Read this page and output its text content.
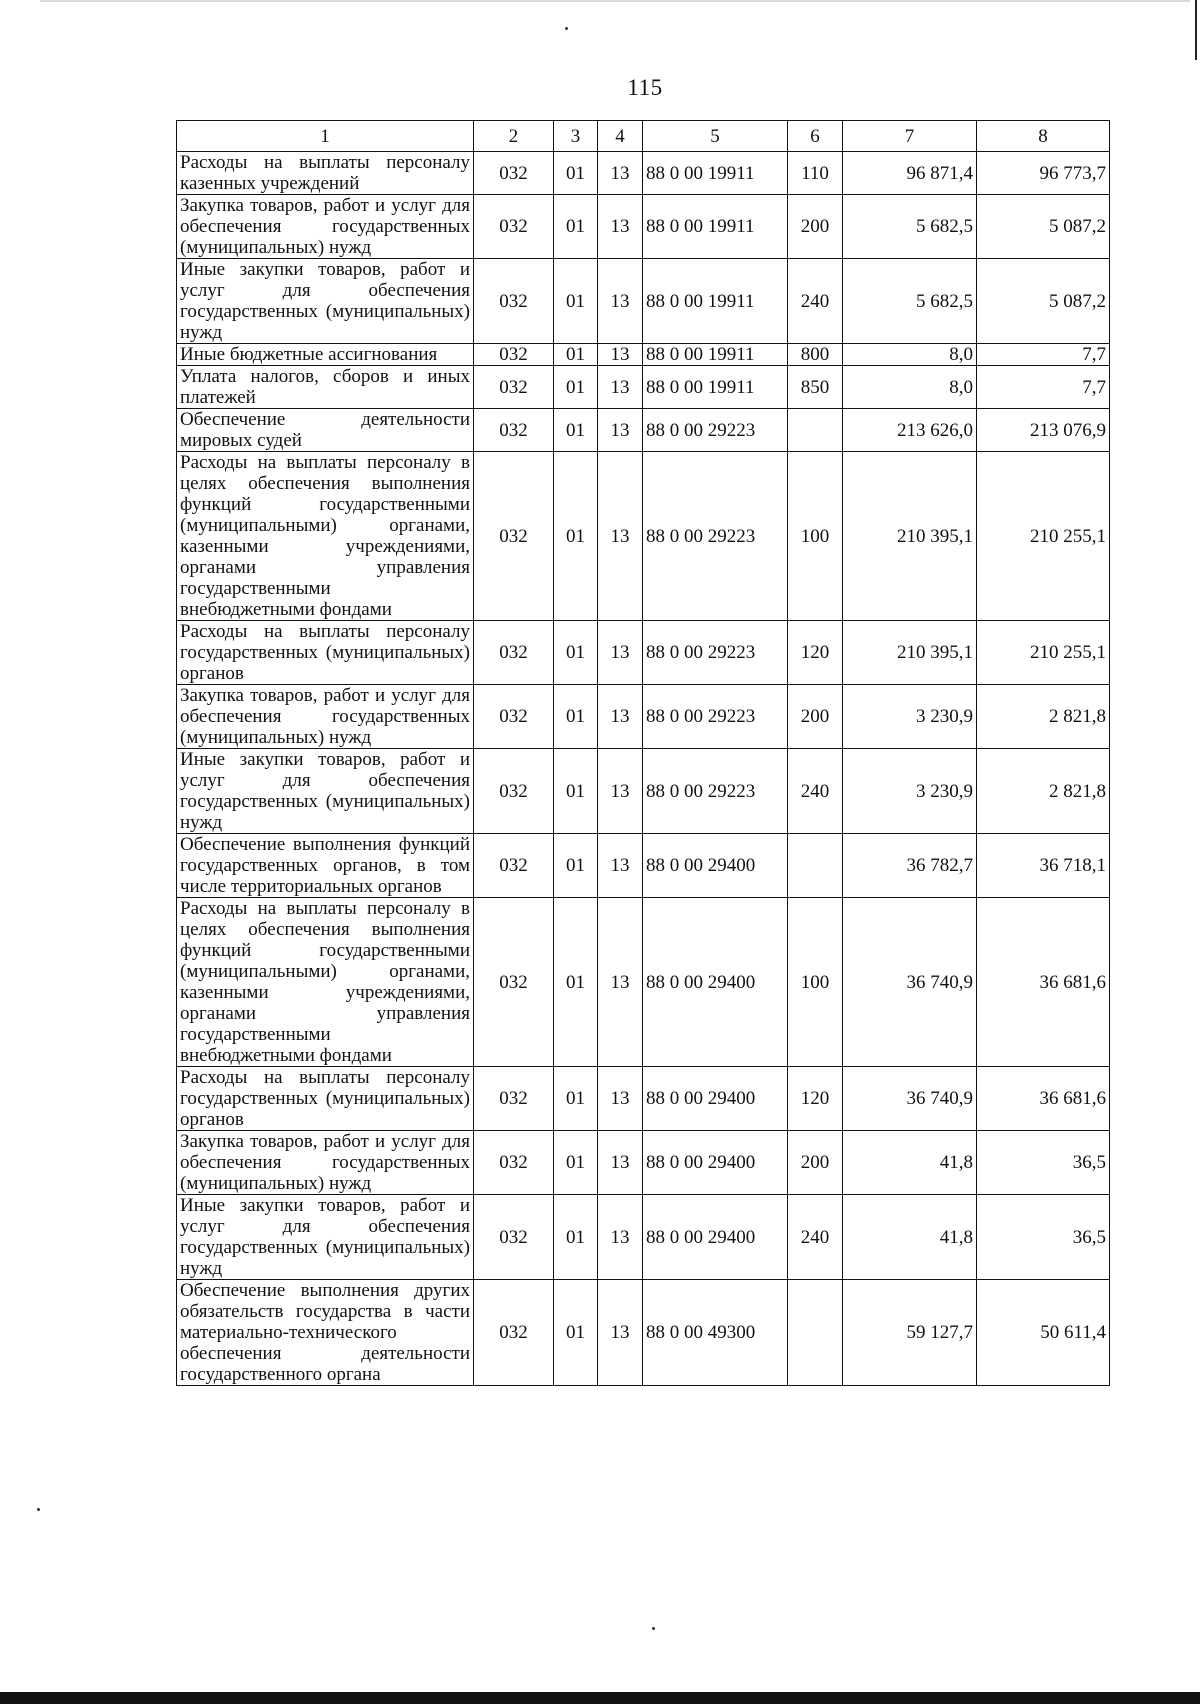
115
1	2	3	4	5	6	7	8
Расходы на выплаты персоналу казенных учреждений	032	01	13	88 0 00 19911	110	96 871,4	96 773,7
Закупка товаров, работ и услуг для обеспечения государственных (муниципальных) нужд	032	01	13	88 0 00 19911	200	5 682,5	5 087,2
Иные закупки товаров, работ и услуг для обеспечения государственных (муниципальных) нужд	032	01	13	88 0 00 19911	240	5 682,5	5 087,2
Иные бюджетные ассигнования	032	01	13	88 0 00 19911	800	8,0	7,7
Уплата налогов, сборов и иных платежей	032	01	13	88 0 00 19911	850	8,0	7,7
Обеспечение деятельности мировых судей	032	01	13	88 0 00 29223		213 626,0	213 076,9
Расходы на выплаты персоналу в целях обеспечения выполнения функций государственными (муниципальными) органами, казенными учреждениями, органами управления государственными внебюджетными фондами	032	01	13	88 0 00 29223	100	210 395,1	210 255,1
Расходы на выплаты персоналу государственных (муниципальных) органов	032	01	13	88 0 00 29223	120	210 395,1	210 255,1
Закупка товаров, работ и услуг для обеспечения государственных (муниципальных) нужд	032	01	13	88 0 00 29223	200	3 230,9	2 821,8
Иные закупки товаров, работ и услуг для обеспечения государственных (муниципальных) нужд	032	01	13	88 0 00 29223	240	3 230,9	2 821,8
Обеспечение выполнения функций государственных органов, в том числе территориальных органов	032	01	13	88 0 00 29400		36 782,7	36 718,1
Расходы на выплаты персоналу в целях обеспечения выполнения функций государственными (муниципальными) органами, казенными учреждениями, органами управления государственными внебюджетными фондами	032	01	13	88 0 00 29400	100	36 740,9	36 681,6
Расходы на выплаты персоналу государственных (муниципальных) органов	032	01	13	88 0 00 29400	120	36 740,9	36 681,6
Закупка товаров, работ и услуг для обеспечения государственных (муниципальных) нужд	032	01	13	88 0 00 29400	200	41,8	36,5
Иные закупки товаров, работ и услуг для обеспечения государственных (муниципальных) нужд	032	01	13	88 0 00 29400	240	41,8	36,5
Обеспечение выполнения других обязательств государства в части материально-технического обеспечения деятельности государственного органа	032	01	13	88 0 00 49300		59 127,7	50 611,4
